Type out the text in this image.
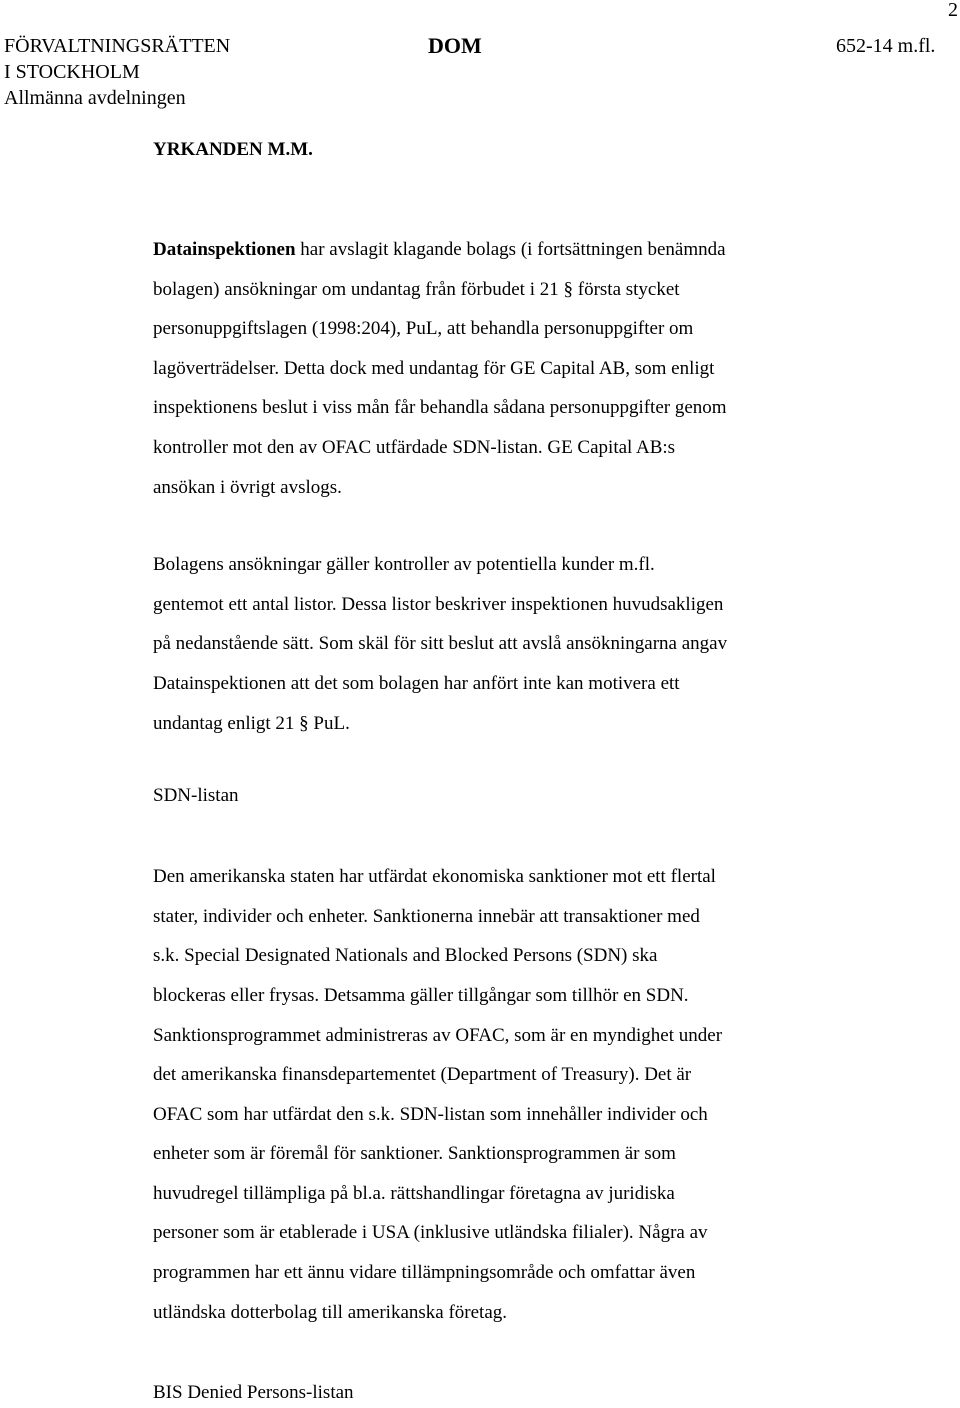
2
FÖRVALTNINGSRÄTTEN
I STOCKHOLM
Allmänna avdelningen
DOM	652-14 m.fl.
YRKANDEN M.M.
Datainspektionen har avslagit klagande bolags (i fortsättningen benämnda
bolagen) ansökningar om undantag från förbudet i 21 § första stycket
personuppgiftslagen (1998:204), PuL, att behandla personuppgifter om
lagöverträdelser. Detta dock med undantag för GE Capital AB, som enligt
inspektionens beslut i viss mån får behandla sådana personuppgifter genom
kontroller mot den av OFAC utfärdade SDN-listan. GE Capital AB:s
ansökan i övrigt avslogs.
Bolagens ansökningar gäller kontroller av potentiella kunder m.fl.
gentemot ett antal listor. Dessa listor beskriver inspektionen huvudsakligen
på nedanstående sätt. Som skäl för sitt beslut att avslå ansökningarna angav
Datainspektionen att det som bolagen har anfört inte kan motivera ett
undantag enligt 21 § PuL.
SDN-listan
Den amerikanska staten har utfärdat ekonomiska sanktioner mot ett flertal
stater, individer och enheter. Sanktionerna innebär att transaktioner med
s.k. Special Designated Nationals and Blocked Persons (SDN) ska
blockeras eller frysas. Detsamma gäller tillgångar som tillhör en SDN.
Sanktionsprogrammet administreras av OFAC, som är en myndighet under
det amerikanska finansdepartementet (Department of Treasury). Det är
OFAC som har utfärdat den s.k. SDN-listan som innehåller individer och
enheter som är föremål för sanktioner. Sanktionsprogrammen är som
huvudregel tillämpliga på bl.a. rättshandlingar företagna av juridiska
personer som är etablerade i USA (inklusive utländska filialer). Några av
programmen har ett ännu vidare tillämpningsområde och omfattar även
utländska dotterbolag till amerikanska företag.
BIS Denied Persons-listan
